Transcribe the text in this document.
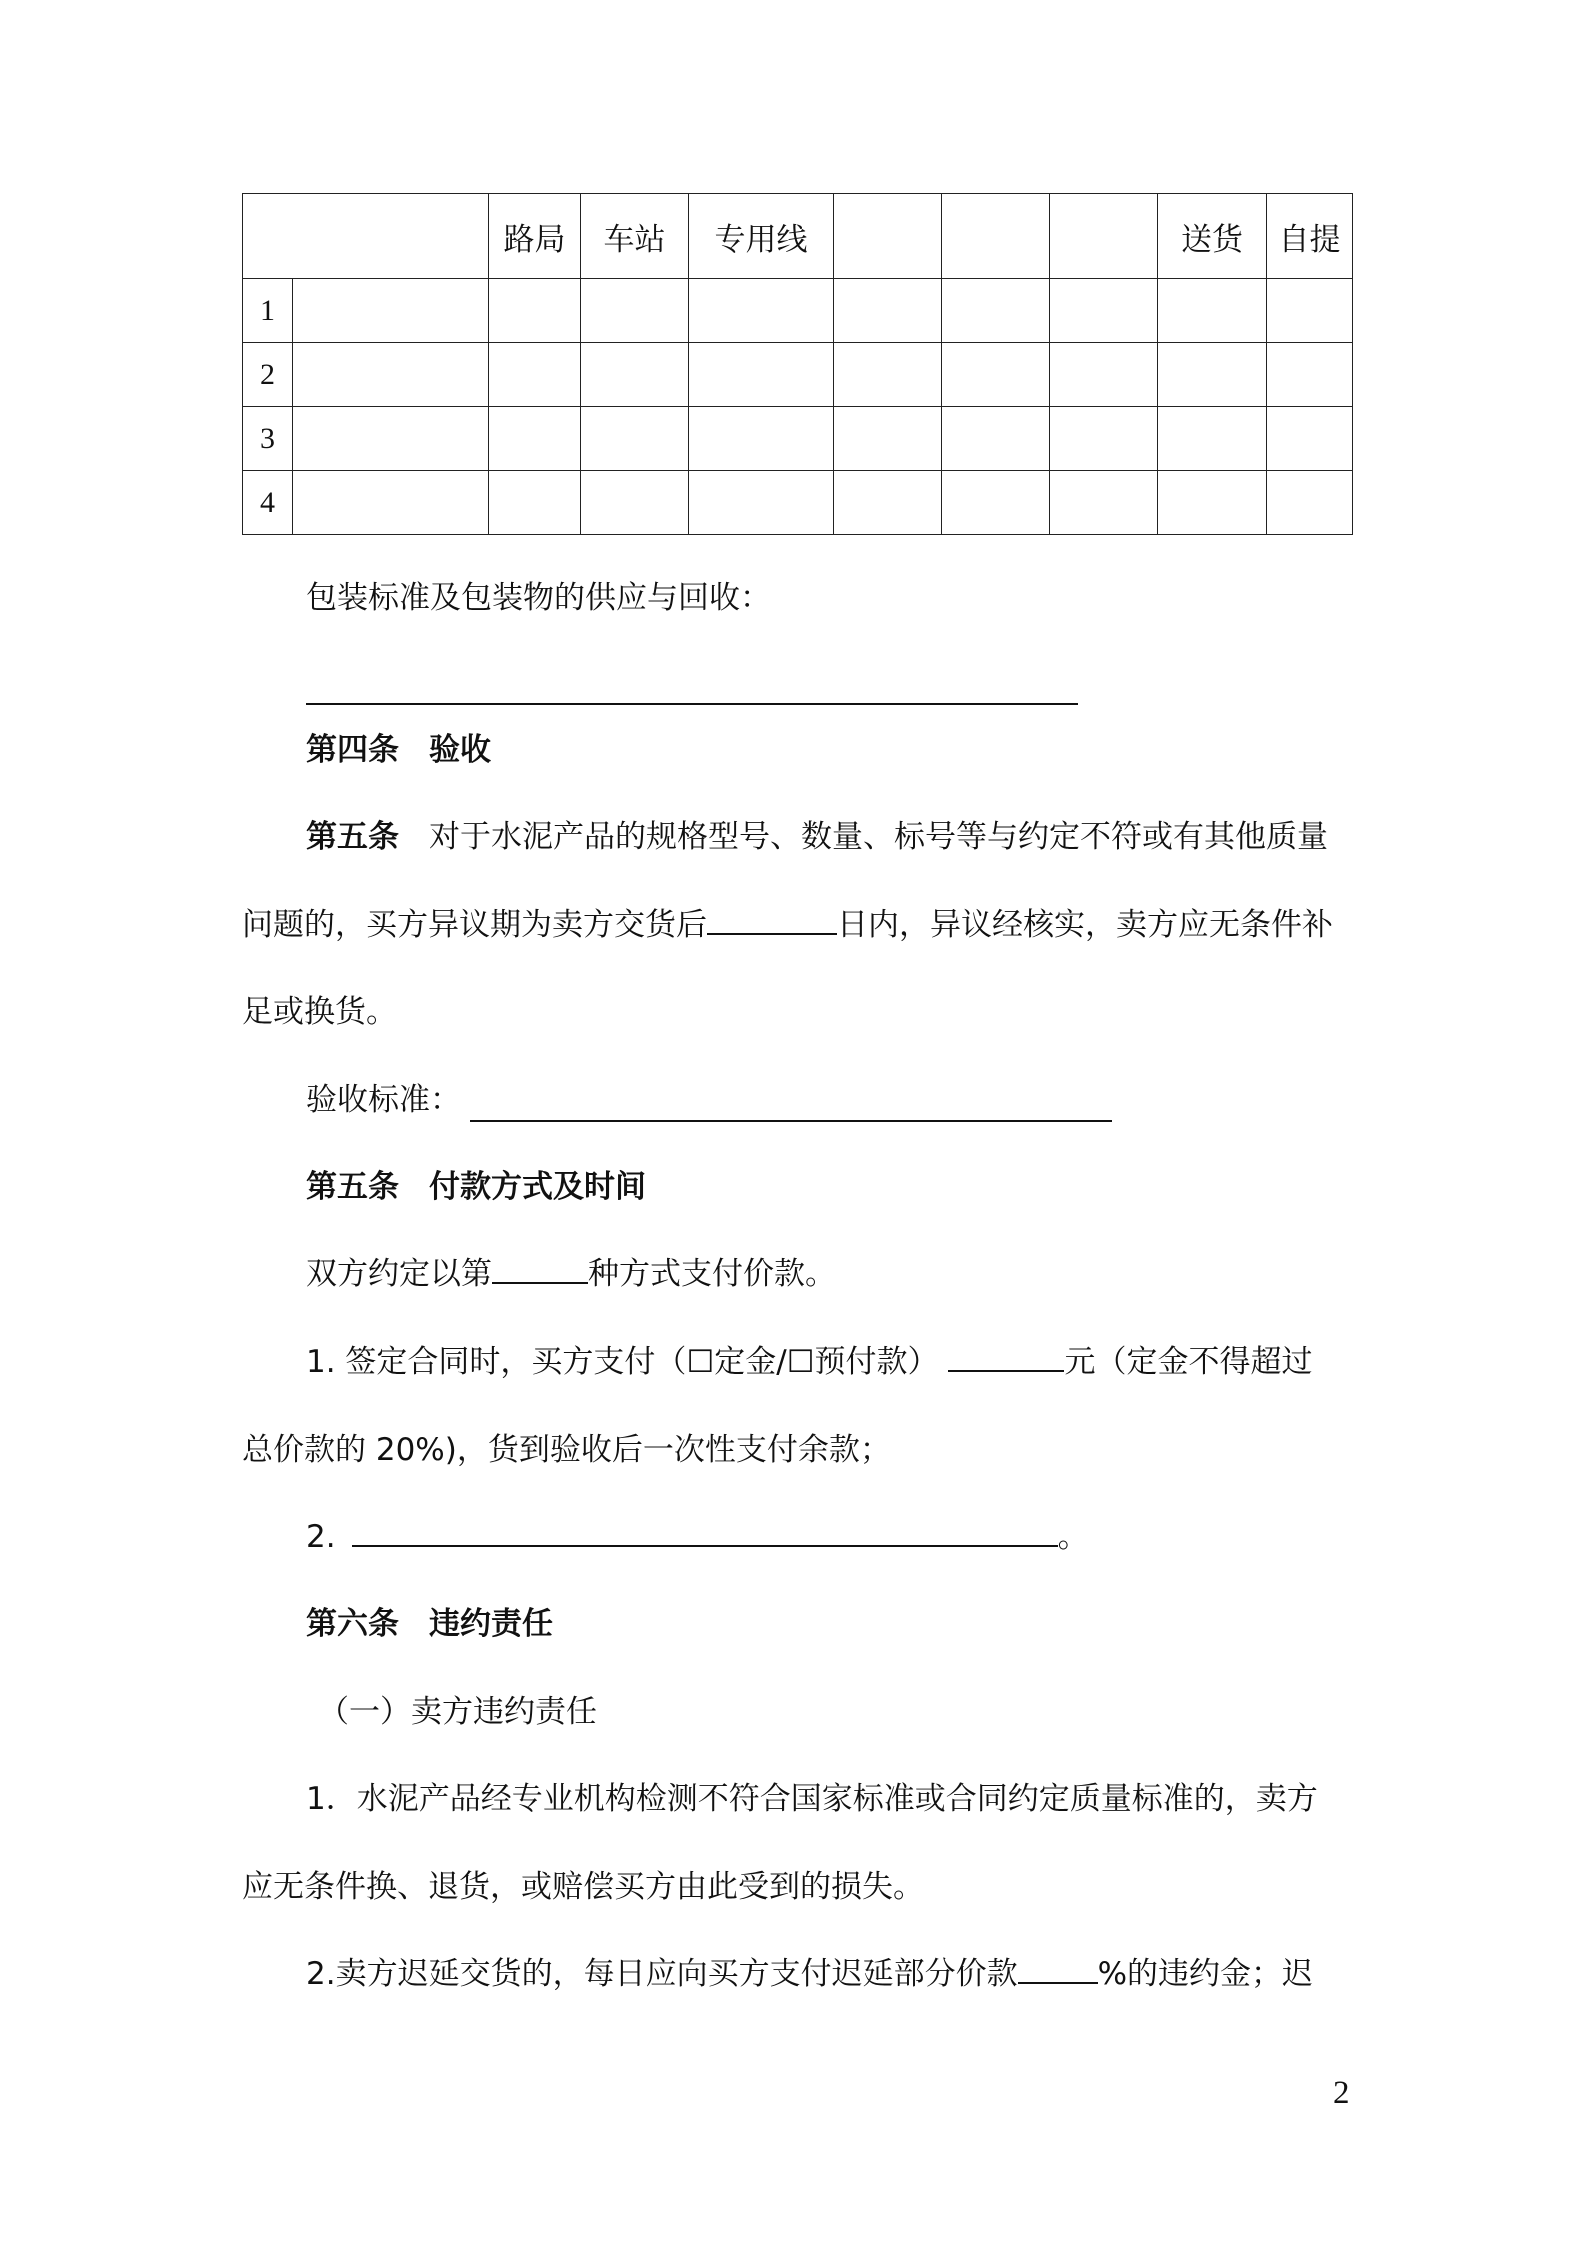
		路局	车站	专用线				送货	自提
1									
2									
3									
4									
包装标准及包装物的供应与回收：
第四条 验收
第五条 对于水泥产品的规格型号、数量、标号等与约定不符或有其他质量
问题的，买方异议期为卖方交货后	日内，异议经核实，卖方应无条件补
足或换货。
验收标准：
第五条 付款方式及时间
双方约定以第	种方式支付价款。
1. 签定合同时，买方支付（☐定金/☐预付款）	元（定金不得超过
总价款的 20%)，货到验收后一次性支付余款；
2.	。
第六条 违约责任
（一）卖方违约责任
1．水泥产品经专业机构检测不符合国家标准或合同约定质量标准的，卖方
应无条件换、退货，或赔偿买方由此受到的损失。
2.卖方迟延交货的，每日应向买方支付迟延部分价款	%的违约金；迟
2
